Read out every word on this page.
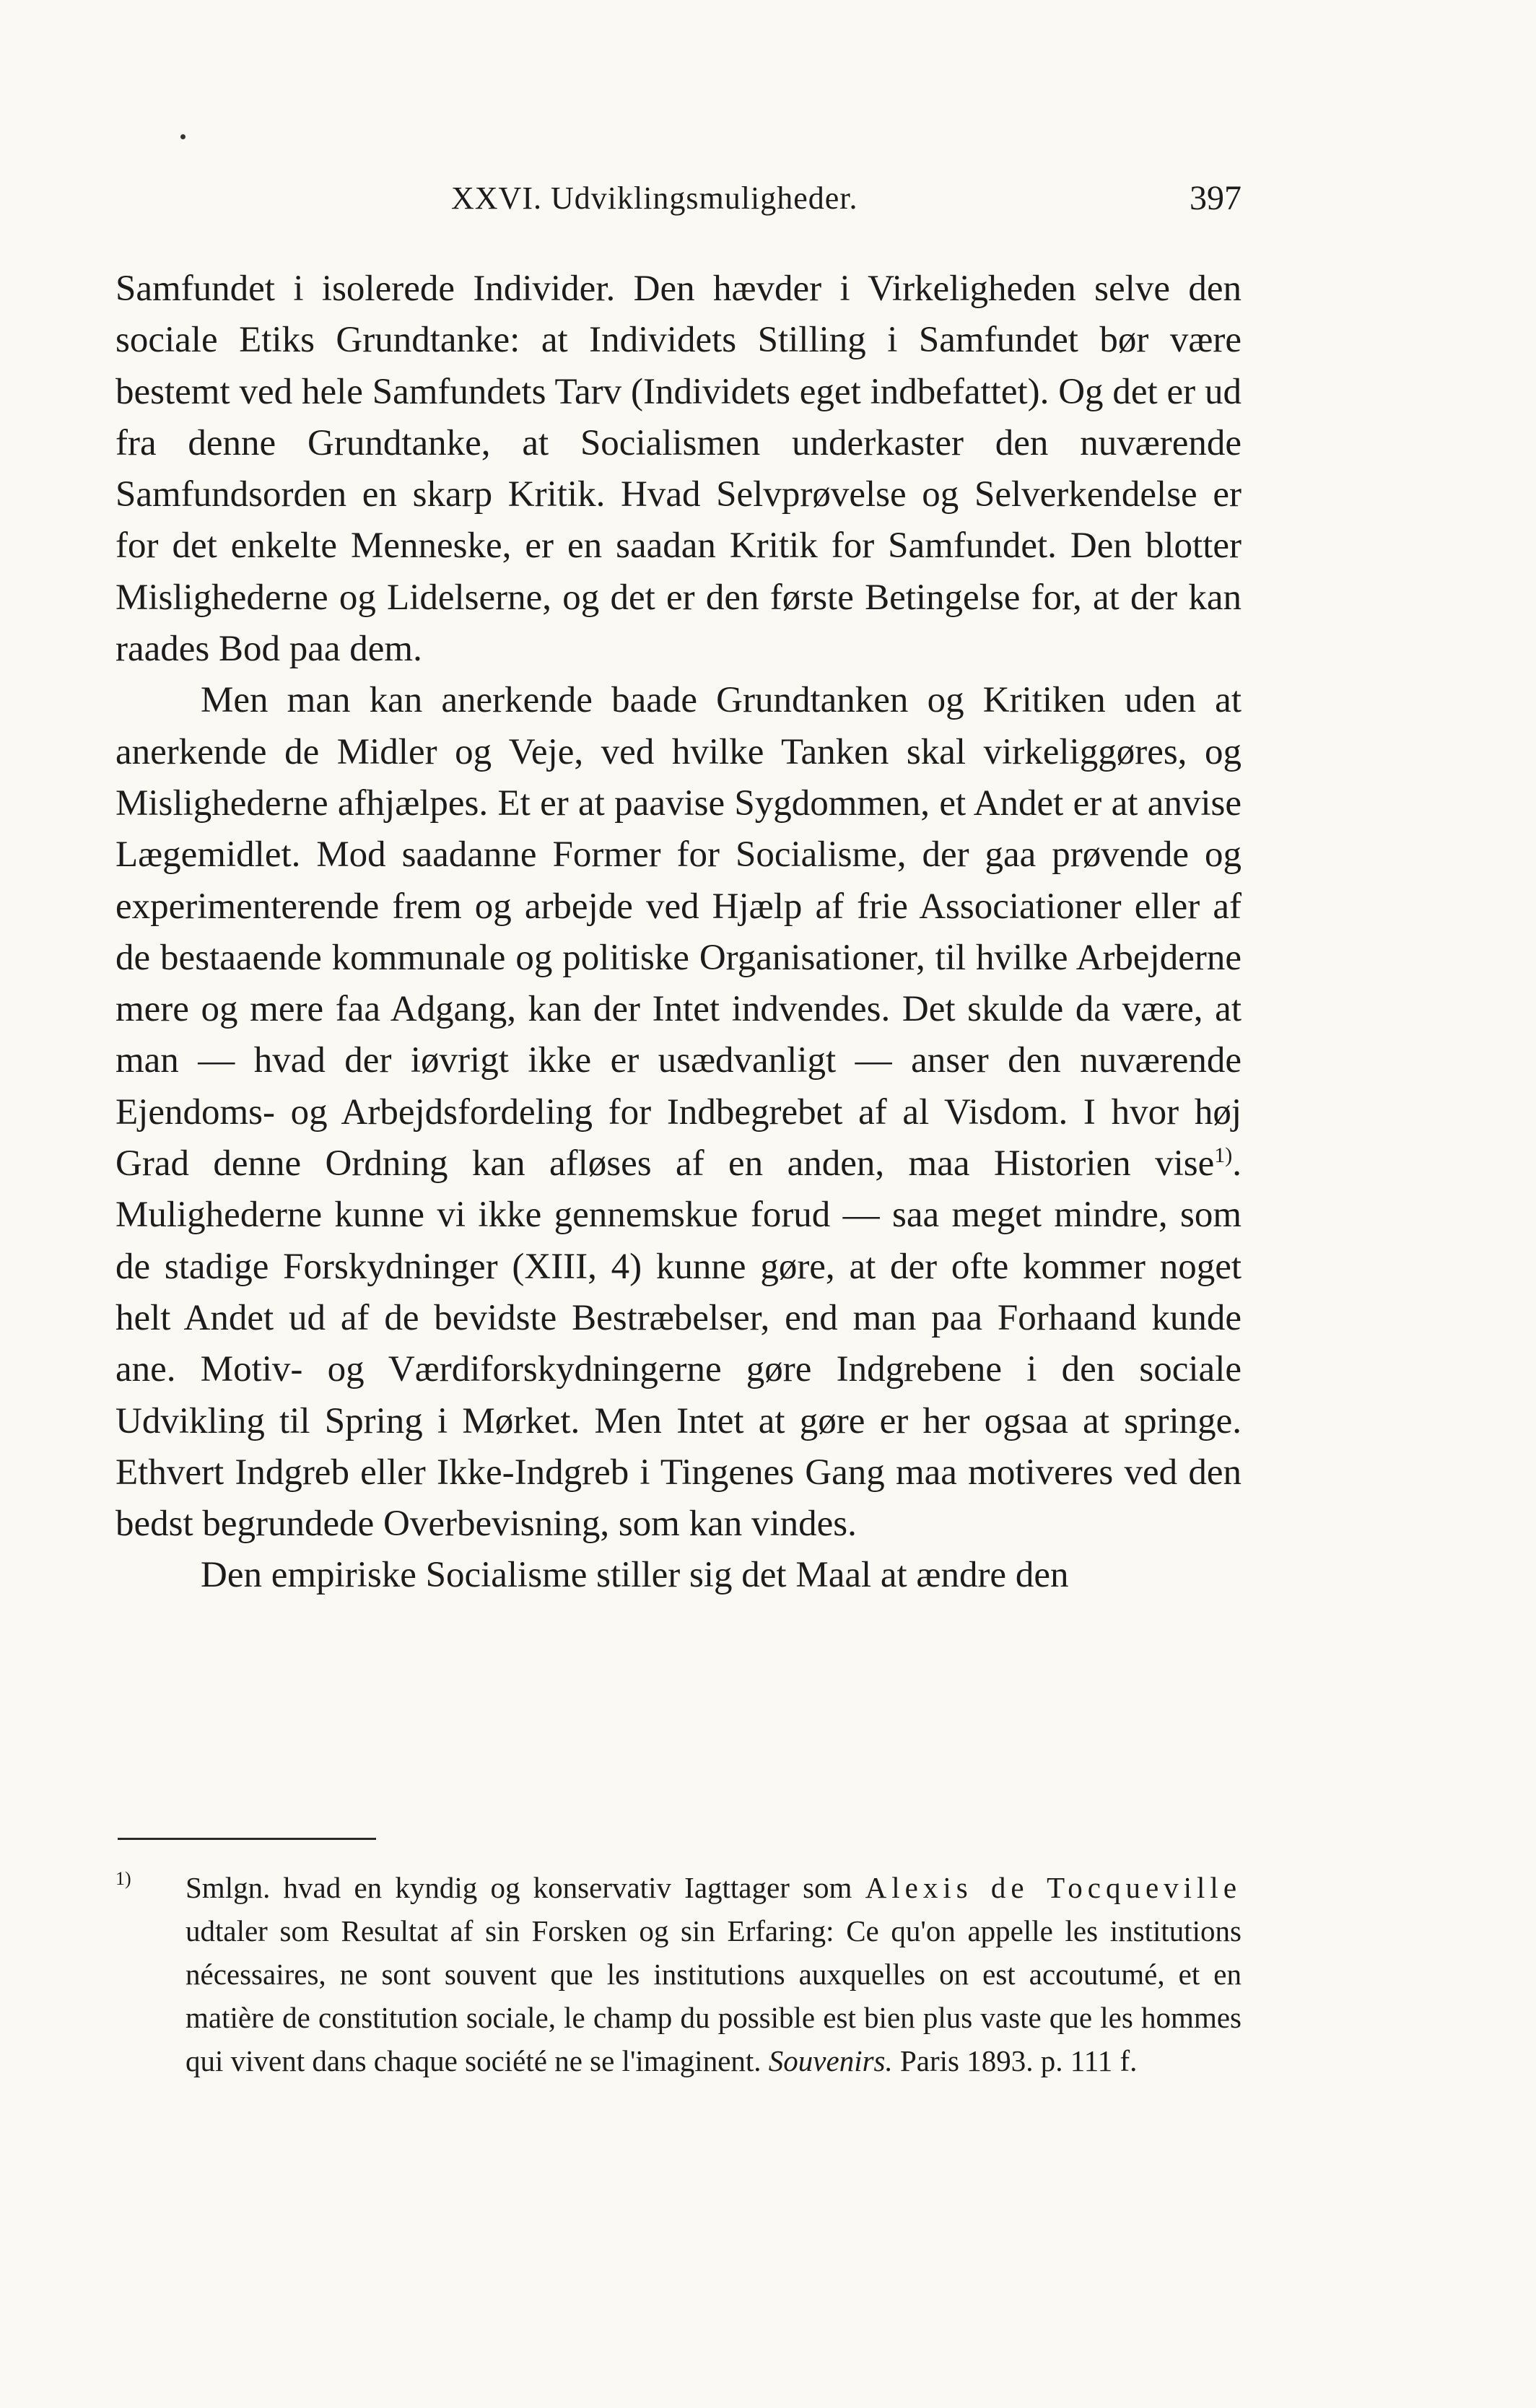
XXVI. Udviklingsmuligheder.	397

Samfundet i isolerede Individer. Den hævder i Virkeligheden selve den sociale Etiks Grundtanke: at Individets Stilling i Samfundet bør være bestemt ved hele Samfundets Tarv (Individets eget indbefattet). Og det er ud fra denne Grundtanke, at Socialismen underkaster den nuværende Samfundsorden en skarp Kritik. Hvad Selvprøvelse og Selverkendelse er for det enkelte Menneske, er en saadan Kritik for Samfundet. Den blotter Mislighederne og Lidelserne, og det er den første Betingelse for, at der kan raades Bod paa dem.

Men man kan anerkende baade Grundtanken og Kritiken uden at anerkende de Midler og Veje, ved hvilke Tanken skal virkeliggøres, og Mislighederne afhjælpes. Et er at paavise Sygdommen, et Andet er at anvise Lægemidlet. Mod saadanne Former for Socialisme, der gaa prøvende og experimenterende frem og arbejde ved Hjælp af frie Associationer eller af de bestaaende kommunale og politiske Organisationer, til hvilke Arbejderne mere og mere faa Adgang, kan der Intet indvendes. Det skulde da være, at man — hvad der iøvrigt ikke er usædvanligt — anser den nuværende Ejendoms- og Arbejdsfordeling for Indbegrebet af al Visdom. I hvor høj Grad denne Ordning kan afløses af en anden, maa Historien vise$^{1)}$. Mulighederne kunne vi ikke gennemskue forud — saa meget mindre, som de stadige Forskydninger (XIII, 4) kunne gøre, at der ofte kommer noget helt Andet ud af de bevidste Bestræbelser, end man paa Forhaand kunde ane. Motiv- og Værdiforskydningerne gøre Indgrebene i den sociale Udvikling til Spring i Mørket. Men Intet at gøre er her ogsaa at springe. Ethvert Indgreb eller Ikke-Indgreb i Tingenes Gang maa motiveres ved den bedst begrundede Overbevisning, som kan vindes.

Den empiriske Socialisme stiller sig det Maal at ændre den

1) Smlgn. hvad en kyndig og konservativ Iagttager som Alexis de Tocqueville udtaler som Resultat af sin Forsken og sin Erfaring: Ce qu'on appelle les institutions nécessaires, ne sont souvent que les institutions auxquelles on est accoutumé, et en matière de constitution sociale, le champ du possible est bien plus vaste que les hommes qui vivent dans chaque société ne se l'imaginent. Souvenirs. Paris 1893. p. 111 f.
